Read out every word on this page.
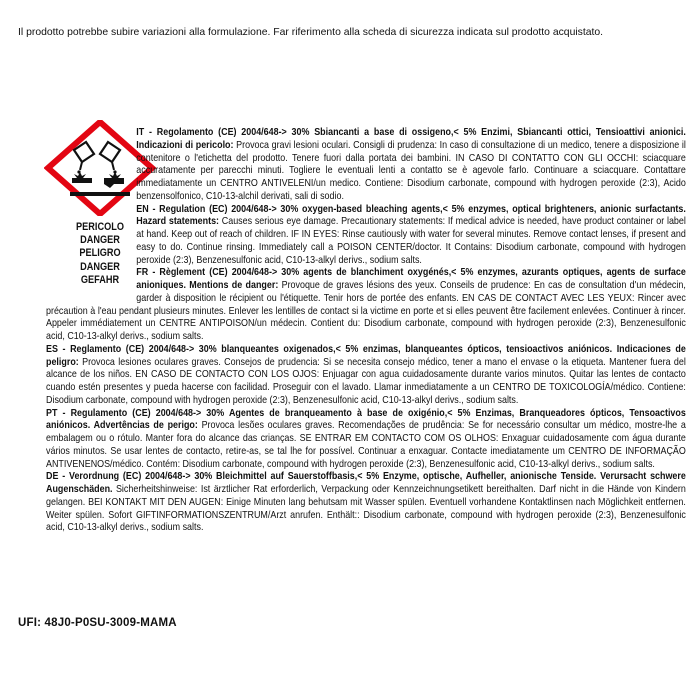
Il prodotto potrebbe subire variazioni alla formulazione. Far riferimento alla scheda di sicurezza indicata sul prodotto acquistato.
PERICOLO
DANGER
PELIGRO
DANGER
GEFAHR

IT - Regolamento (CE) 2004/648-> 30% Sbiancanti a base di ossigeno,< 5% Enzimi, Sbiancanti ottici, Tensioattivi anionici. Indicazioni di pericolo: Provoca gravi lesioni oculari. Consigli di prudenza: In caso di consultazione di un medico, tenere a disposizione il contenitore o l'etichetta del prodotto. Tenere fuori dalla portata dei bambini. IN CASO DI CONTATTO CON GLI OCCHI: sciacquare accuratamente per parecchi minuti. Togliere le eventuali lenti a contatto se è agevole farlo. Continuare a sciacquare. Contattare immediatamente un CENTRO ANTIVELENI/un medico. Contiene: Disodium carbonate, compound with hydrogen peroxide (2:3), Acido benzensolfonico, C10-13-alchil derivati, sali di sodio.

EN - Regulation (EC) 2004/648-> 30% oxygen-based bleaching agents,< 5% enzymes, optical brighteners, anionic surfactants. Hazard statements: Causes serious eye damage. Precautionary statements: If medical advice is needed, have product container or label at hand. Keep out of reach of children. IF IN EYES: Rinse cautiously with water for several minutes. Remove contact lenses, if present and easy to do. Continue rinsing. Immediately call a POISON CENTER/doctor. It Contains: Disodium carbonate, compound with hydrogen peroxide (2:3), Benzenesulfonic acid, C10-13-alkyl derivs., sodium salts.

FR - Règlement (CE) 2004/648-> 30% agents de blanchiment oxygénés,< 5% enzymes, azurants optiques, agents de surface anioniques. Mentions de danger: Provoque de graves lésions des yeux. Conseils de prudence: En cas de consultation d'un médecin, garder à disposition le récipient ou l'étiquette. Tenir hors de portée des enfants. EN CAS DE CONTACT AVEC LES YEUX: Rincer avec précaution à l'eau pendant plusieurs minutes. Enlever les lentilles de contact si la victime en porte et si elles peuvent être facilement enlevées. Continuer à rincer. Appeler immédiatement un CENTRE ANTIPOISON/un médecin. Contient du: Disodium carbonate, compound with hydrogen peroxide (2:3), Benzenesulfonic acid, C10-13-alkyl derivs., sodium salts.

ES - Reglamento (CE) 2004/648-> 30% blanqueantes oxigenados,< 5% enzimas, blanqueantes ópticos, tensioactivos aniónicos. Indicaciones de peligro: Provoca lesiones oculares graves. Consejos de prudencia: Si se necesita consejo médico, tener a mano el envase o la etiqueta. Mantener fuera del alcance de los niños. EN CASO DE CONTACTO CON LOS OJOS: Enjuagar con agua cuidadosamente durante varios minutos. Quitar las lentes de contacto cuando estén presentes y pueda hacerse con facilidad. Proseguir con el lavado. Llamar inmediatamente a un CENTRO DE TOXICOLOGÍA/médico. Contiene: Disodium carbonate, compound with hydrogen peroxide (2:3), Benzenesulfonic acid, C10-13-alkyl derivs., sodium salts.

PT - Regulamento (CE) 2004/648-> 30% Agentes de branqueamento à base de oxigénio,< 5% Enzimas, Branqueadores ópticos, Tensoactivos aniónicos. Advertências de perigo: Provoca lesões oculares graves. Recomendações de prudência: Se for necessário consultar um médico, mostre-lhe a embalagem ou o rótulo. Manter fora do alcance das crianças. SE ENTRAR EM CONTACTO COM OS OLHOS: Enxaguar cuidadosamente com água durante vários minutos. Se usar lentes de contacto, retire-as, se tal lhe for possível. Continuar a enxaguar. Contacte imediatamente um CENTRO DE INFORMAÇÃO ANTIVENENOS/médico. Contém: Disodium carbonate, compound with hydrogen peroxide (2:3), Benzenesulfonic acid, C10-13-alkyl derivs., sodium salts.

DE - Verordnung (EC) 2004/648-> 30% Bleichmittel auf Sauerstoffbasis,< 5% Enzyme, optische, Aufheller, anionische Tenside. Verursacht schwere Augenschäden. Sicherheitshinweise: Ist ärztlicher Rat erforderlich, Verpackung oder Kennzeichnungsetikett bereithalten. Darf nicht in die Hände von Kindern gelangen. BEI KONTAKT MIT DEN AUGEN: Einige Minuten lang behutsam mit Wasser spülen. Eventuell vorhandene Kontaktlinsen nach Möglichkeit entfernen. Weiter spülen. Sofort GIFTINFORMATIONSZENTRUM/Arzt anrufen. Enthält:: Disodium carbonate, compound with hydrogen peroxide (2:3), Benzenesulfonic acid, C10-13-alkyl derivs., sodium salts.

UFI: 48J0-P0SU-3009-MAMA
